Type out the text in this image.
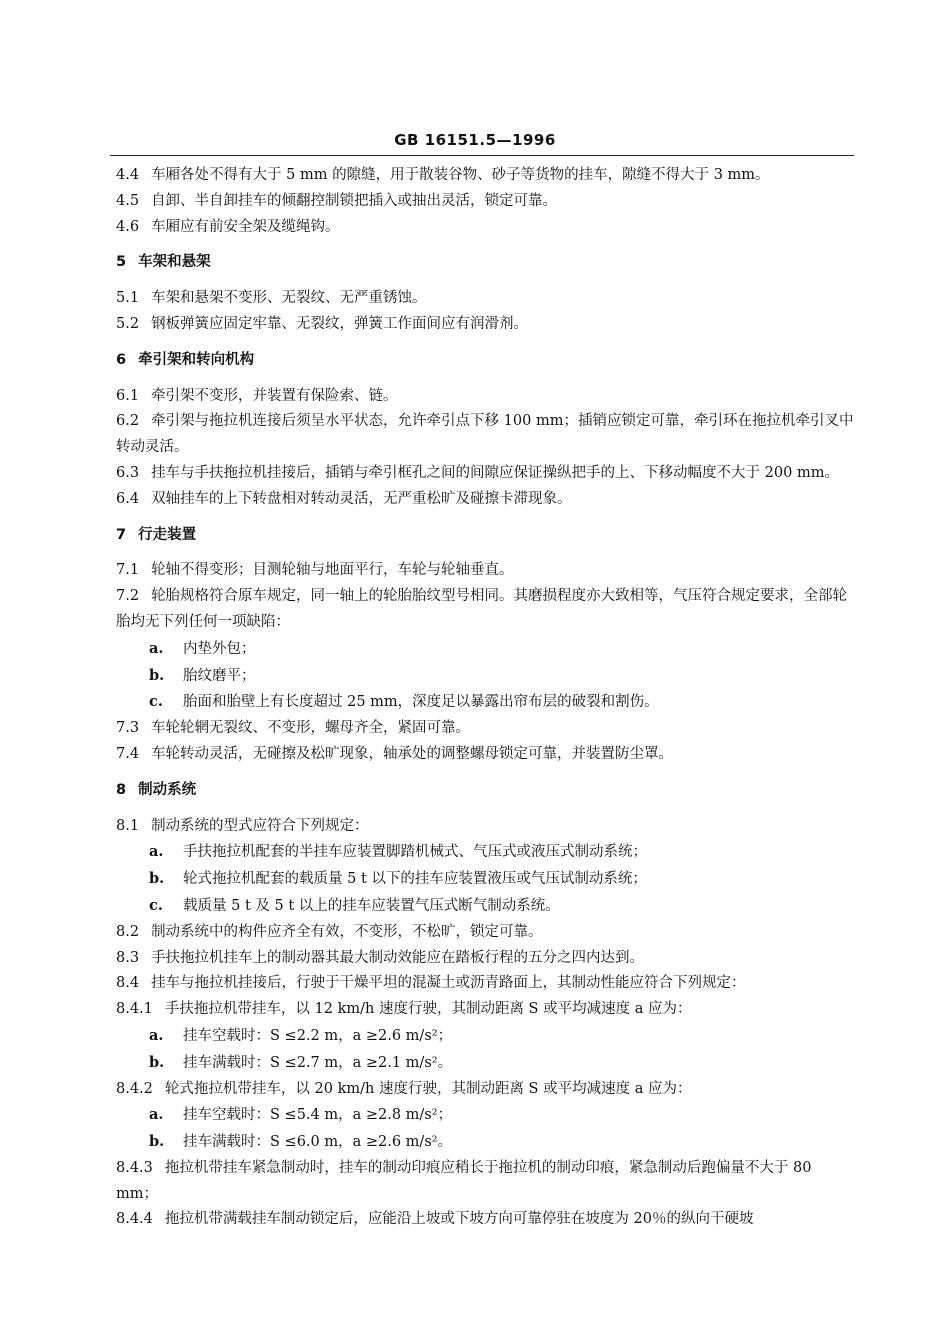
GB 16151.5—1996
4.4 车厢各处不得有大于 5 mm 的隙缝，用于散装谷物、砂子等货物的挂车，隙缝不得大于 3 mm。
4.5 自卸、半自卸挂车的倾翻控制锁把插入或抽出灵活，锁定可靠。
4.6 车厢应有前安全架及缆绳钩。
5 车架和悬架
5.1 车架和悬架不变形、无裂纹、无严重锈蚀。
5.2 钢板弹簧应固定牢靠、无裂纹，弹簧工作面间应有润滑剂。
6 牵引架和转向机构
6.1 牵引架不变形，并装置有保险索、链。
6.2 牵引架与拖拉机连接后须呈水平状态，允许牵引点下移 100 mm；插销应锁定可靠，牵引环在拖拉机牵引叉中转动灵活。
6.3 挂车与手扶拖拉机挂接后，插销与牵引框孔之间的间隙应保证操纵把手的上、下移动幅度不大于 200 mm。
6.4 双轴挂车的上下转盘相对转动灵活，无严重松旷及碰擦卡滞现象。
7 行走装置
7.1 轮轴不得变形；目测轮轴与地面平行，车轮与轮轴垂直。
7.2 轮胎规格符合原车规定，同一轴上的轮胎胎纹型号相同。其磨损程度亦大致相等，气压符合规定要求，全部轮胎均无下列任何一项缺陷：
a. 内垫外包；
b. 胎纹磨平；
c. 胎面和胎壁上有长度超过 25 mm，深度足以暴露出帘布层的破裂和割伤。
7.3 车轮轮辋无裂纹、不变形，螺母齐全，紧固可靠。
7.4 车轮转动灵活，无碰擦及松旷现象，轴承处的调整螺母锁定可靠，并装置防尘罩。
8 制动系统
8.1 制动系统的型式应符合下列规定：
a. 手扶拖拉机配套的半挂车应装置脚踏机械式、气压式或液压式制动系统；
b. 轮式拖拉机配套的载质量 5 t 以下的挂车应装置液压或气压试制动系统；
c. 载质量 5 t 及 5 t 以上的挂车应装置气压式断气制动系统。
8.2 制动系统中的构件应齐全有效，不变形，不松旷，锁定可靠。
8.3 手扶拖拉机挂车上的制动器其最大制动效能应在踏板行程的五分之四内达到。
8.4 挂车与拖拉机挂接后，行驶于干燥平坦的混凝土或沥青路面上，其制动性能应符合下列规定：
8.4.1 手扶拖拉机带挂车，以 12 km/h 速度行驶，其制动距离 S 或平均减速度 a 应为：
a. 挂车空载时：S ≤2.2 m，a ≥2.6 m/s²；
b. 挂车满载时：S ≤2.7 m，a ≥2.1 m/s²。
8.4.2 轮式拖拉机带挂车，以 20 km/h 速度行驶，其制动距离 S 或平均减速度 a 应为：
a. 挂车空载时：S ≤5.4 m，a ≥2.8 m/s²；
b. 挂车满载时：S ≤6.0 m，a ≥2.6 m/s²。
8.4.3 拖拉机带挂车紧急制动时，挂车的制动印痕应稍长于拖拉机的制动印痕，紧急制动后跑偏量不大于 80 mm；
8.4.4 拖拉机带满载挂车制动锁定后，应能沿上坡或下坡方向可靠停驻在坡度为 20％的纵向干硬坡
